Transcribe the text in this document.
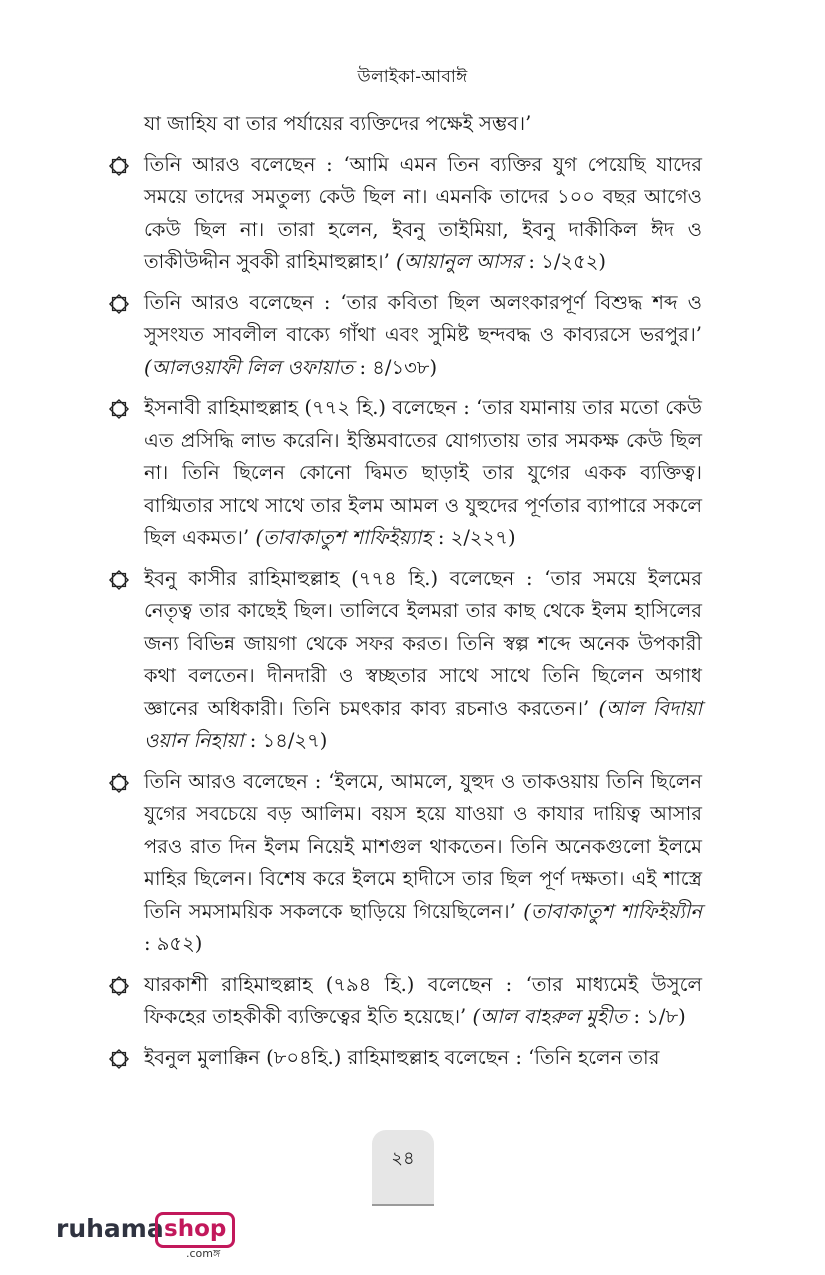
উলাইকা-আবাঈ
যা জাহিয বা তার পর্যায়ের ব্যক্তিদের পক্ষেই সম্ভব।’
তিনি আরও বলেছেন : ‘আমি এমন তিন ব্যক্তির যুগ পেয়েছি যাদের সময়ে তাদের সমতুল্য কেউ ছিল না। এমনকি তাদের ১০০ বছর আগেও কেউ ছিল না। তারা হলেন, ইবনু তাইমিয়া, ইবনু দাকীকিল ঈদ ও তাকীউদ্দীন সুবকী রাহিমাহুল্লাহ।’ (আয়ানুল আসর : ১/২৫২)
তিনি আরও বলেছেন : ‘তার কবিতা ছিল অলংকারপূর্ণ বিশুদ্ধ শব্দ ও সুসংযত সাবলীল বাক্যে গাঁথা এবং সুমিষ্ট ছন্দবদ্ধ ও কাব্যরসে ভরপুর।’ (আলওয়াফী লিল ওফায়াত : ৪/১৩৮)
ইসনাবী রাহিমাহুল্লাহ (৭৭২ হি.) বলেছেন : ‘তার যমানায় তার মতো কেউ এত প্রসিদ্ধি লাভ করেনি। ইস্তিমবাতের যোগ্যতায় তার সমকক্ষ কেউ ছিল না। তিনি ছিলেন কোনো দ্বিমত ছাড়াই তার যুগের একক ব্যক্তিত্ব। বাগ্মিতার সাথে সাথে তার ইলম আমল ও যুহুদের পূর্ণতার ব্যাপারে সকলে ছিল একমত।’ (তাবাকাতুশ শাফিইয়্যাহ : ২/২২৭)
ইবনু কাসীর রাহিমাহুল্লাহ (৭৭৪ হি.) বলেছেন : ‘তার সময়ে ইলমের নেতৃত্ব তার কাছেই ছিল। তালিবে ইলমরা তার কাছ থেকে ইলম হাসিলের জন্য বিভিন্ন জায়গা থেকে সফর করত। তিনি স্বল্প শব্দে অনেক উপকারী কথা বলতেন। দীনদারী ও স্বচ্ছতার সাথে সাথে তিনি ছিলেন অগাধ জ্ঞানের অধিকারী। তিনি চমৎকার কাব্য রচনাও করতেন।’ (আল বিদায়া ওয়ান নিহায়া : ১৪/২৭)
তিনি আরও বলেছেন : ‘ইলমে, আমলে, যুহুদ ও তাকওয়ায় তিনি ছিলেন যুগের সবচেয়ে বড় আলিম। বয়স হয়ে যাওয়া ও কাযার দায়িত্ব আসার পরও রাত দিন ইলম নিয়েই মাশগুল থাকতেন। তিনি অনেকগুলো ইলমে মাহির ছিলেন। বিশেষ করে ইলমে হাদীসে তার ছিল পূর্ণ দক্ষতা। এই শাস্ত্রে তিনি সমসাময়িক সকলকে ছাড়িয়ে গিয়েছিলেন।’ (তাবাকাতুশ শাফিইয়্যীন : ৯৫২)
যারকাশী রাহিমাহুল্লাহ (৭৯৪ হি.) বলেছেন : ‘তার মাধ্যমেই উসুলে ফিকহের তাহকীকী ব্যক্তিত্বের ইতি হয়েছে।’ (আল বাহরুল মুহীত : ১/৮)
ইবনুল মুলাক্কিন (৮০৪হি.) রাহিমাহুল্লাহ বলেছেন : ‘তিনি হলেন তার
২৪
ruhama shop
.comঙ্গ
